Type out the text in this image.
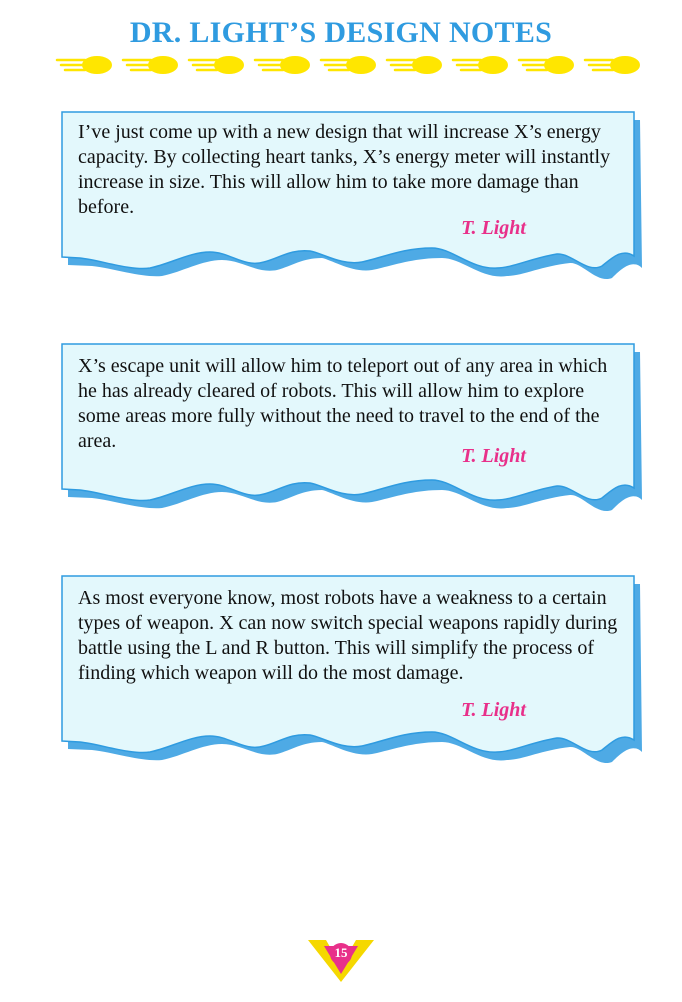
DR. LIGHT’S DESIGN NOTES
I’ve just come up with a new design that will increase X’s energy capacity. By collecting heart tanks, X’s energy meter will instantly increase in size. This will allow him to take more damage than before.
T. Light
X’s escape unit will allow him to teleport out of any area in which he has already cleared of robots. This will allow him to explore some areas more fully without the need to travel to the end of the area.
T. Light
As most everyone know, most robots have a weakness to a certain types of weapon. X can now switch special weapons rapidly during battle using the L and R button. This will simplify the process of finding which weapon will do the most damage.
T. Light
15
